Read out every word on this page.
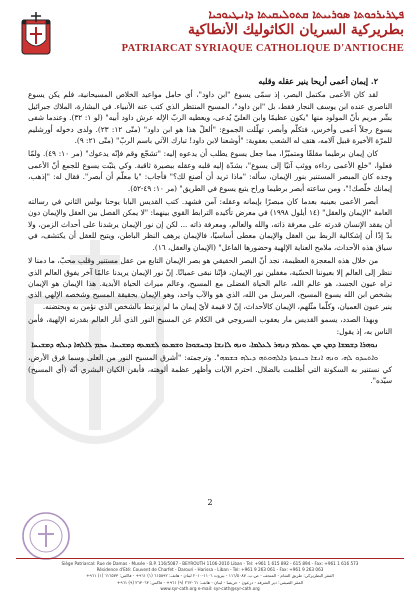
ܦܛܪܝܪܟܘܬܐ ܣܘܪܝܝܬܐ ܩܬܘܠܝܩܝܬܐ ܕܐܢܛܝܘܟܝܐ
بطريركية السريان الكاثوليك الأنطاكية
PATRIARCAT SYRIAQUE CATHOLIQUE D'ANTIOCHE

٢. إيمان أعمى أريحا ينير عقله وقلبه

لقد كان الأعمى مكتمل البصر، إذ سمّى يسوع "ابن داود"، أي حامل مواعيد الخلاص المسيحانية، فلم يكن يسوع الناصري عنده ابن يوسف النجار فقط، بل "ابن داود"، المسيح المنتظر الذي كتب عنه الأنبياء. في البشارة، الملاك جبرائيل بشّر مريم بأنّ المولود منها "يكون عظيمًا وابن العليّ يُدعى، ويعطيه الربّ الإله عرش داود أبيه" (لو ١: ٣٢). وعندما شفى يسوع رجلاً أعمى وأخرس، فتكلّم وأبصر، تهلّلت الجموع: "ألعلّ هذا هو ابن داود" (متّى ١٢: ٢٣). ولدى دخوله أورشليم للمرّة الأخيرة قبيل آلامه، هتف له الشعب بعفوية: "أوشعنا لابن داود! تبارك الآتي باسم الربّ" (متّى ٢١: ٩).

كان إيمان برطيما مقلقًا ومتميّزًا، مما جعل يسوع يطلب أن يدعوه إليه: "تشجّع وقم فإنّه يدعوك" (مر ١٠: ٤٩). ولمّا فعلوا، "خلع الأعمى رداءه ووثب آتيًا إلى يسوع"، بشدّة إليه قلبه وعقله ببصيرة ثاقبة. وكي يثبّت يسوع للجمع أنّ الأعمى وجده كان المبصر المستنير بنور الإيمان، سأله: "ماذا تريد أن أصنع لك؟" فأجاب: "يا معلّم أن أبصر". فقال له: "إذهب، إيمانك خلّصك!"، ومن ساعته أبصر برطيما وراح يتبع يسوع في الطريق" (مر ١٠: ٤٩-٥٢).

أبصر الأعمى بعينيه بعدما كان مبصرًا بإيمانه وعقله: آمن فشهد. كتب القديس البابا يوحنا بولس الثاني في رسالته العامة "الإيمان والعقل" (١٤ أيلول ١٩٩٨) في معرض تأكيده الترابط القوي بينهما: "لا يمكن الفصل بين العقل والإيمان دون أن يفقد الإنسان قدرته على معرفة ذاته، والله والعالم، ومعرفة ذاته ... لكن إن نور الإيمان يرشدنا على أحداث الزمن، ولا بدّ إذًا أن إشكالية الربط بين العقل والإيمان معطى أساسيًا، فالإيمان يرهف النظر الباطن، ويتيح للعقل أن يكتشف، في سياق هذه الأحداث، ملامح العناية الإلهية وحضورها الفاعل" (الإيمان والعقل، ١٦).

من خلال هذه المعجزة العظيمة، نجد أنّ البصر الحقيقي هو بصر الإيمان التابع من عقل مستنير وقلب محبّ، ما دمنا لا ننظر إلى العالم إلا بعيوننا الحسّية، مغفلين نور الإيمان، فإنّنا نبقى عميانًا. إنّ نور الإيمان يريدنا عالمًا آخر يفوق العالم الذي تراه عيون الجسد، هو عالم الله، عالم الحياة الفضلى مع المسيح، وعالم ميراث الحياة الأبدية. هذا الإيمان هو الإيمان بشخص ابن الله يسوع المسيح، المرسل من الله، الذي هو والآب واحد، وهو الإيمان بحقيقة المسيح وشخصه الإلهي الذي ينير عيون العميان، وكلّما مثّلهم، الإيمان كالأحداث، إنّ لا قيمة لأيّ إيمان ما لم يرتبط بالشخص الذي نؤمن به وبحتضنه.

وبهذا الصدد، يسمو القديس مار يعقوب السروجي في الكلام عن المسيح النور الذي أنار العالم بقدرته الإلهية، فأمن الناس به، إذ يقول:

ܢܘܗܪܐ ܕܫܡܫܐ ܕܡܢ ܡܢ ܥܘܠܡ ܕܢܗܪ ܠܥܠܡܐ. ܘܢܗ ܠܐܢܫܐ ܕܒܚܫܘܟܐ ܘܫܡܥܘ ܠܫܡܥܗ ܕܡܫܝܚܐ. ܚܟܡ ܠܐܠܗܐ ܕܝܠܗ ܕܡܫܝܚܐ

ܘܐܬܚܕܘ ܠܗ، ܘܢܗ ܐܢܫܐ ܟܝܢܘܬܐ ܕܐܠܗܘܬܗ ܕܝܠܗ ܒܫܡܗ". وترجمته: "أشرق المسيح النور من العلى وسما فرق الأرض، كي نستنير به السكونة التي أظلمت بالضلال. احترم الآيات وأظهر عظمة ألوهته، فأبقن الكيان البشري أنّه (أي المسيح) سيّده".

2
Siège Patriarcal: Rue de Damas - Musée - B.P. 116/5087 - BEYROUTH 1106-2010 Liban - Tel: +961 1 615 892 - 615 894 - Fax: +961 1 616 573
Résidence d'Eté: Couvent de Charfet - Darouri - Harissa - Liban - Tel: +961 9 263 061 - Fax: +961 9 263 063
المقر البطريركي: طريق الشام - المتحف - ص.ب. ١١٦/٥٠٨٧ - بيروت ١١٠٦-٢٠١٠ لبنان - هاتف: ٦١٥٨٩٢ (١) ٩٦١+ - فاكس: ٦١٦٥٧٣ (١) ٩٦١+
المقر الصيفي: دير الشرفة - درعون - حريصا - لبنان - هاتف: ٢٦٣٠٦١ (٩) ٩٦١+ - فاكس: ٢٦٣٠٦٣ (٩) ٩٦١+
www.syr-cath.org e-mail: syr-cath@syr-cath.org
